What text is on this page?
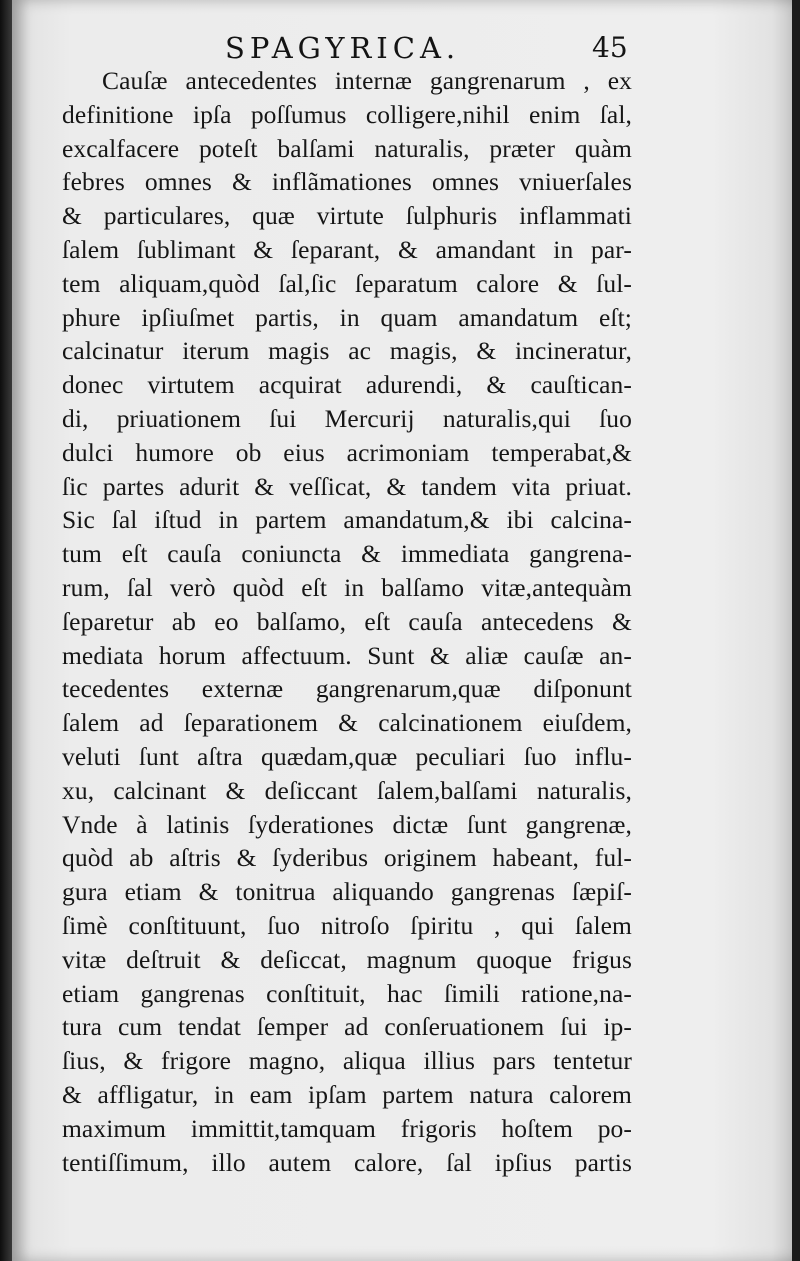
SPAGYRICA.	45
Cauſæ antecedentes internæ gangrenarum , ex
definitione ipſa poſſumus colligere,nihil enim ſal,
excalfacere poteſt balſami naturalis, præter quàm
febres omnes & inflãmationes omnes vniuerſales
& particulares, quæ virtute ſulphuris inflammati
ſalem ſublimant & ſeparant, & amandant in par-
tem aliquam,quòd ſal,ſic ſeparatum calore & ſul-
phure ipſiuſmet partis, in quam amandatum eſt;
calcinatur iterum magis ac magis, & incineratur,
donec virtutem acquirat adurendi, & cauſtican-
di, priuationem ſui Mercurij naturalis,qui ſuo
dulci humore ob eius acrimoniam temperabat,&
ſic partes adurit & veſſicat, & tandem vita priuat.
Sic ſal iſtud in partem amandatum,& ibi calcina-
tum eſt cauſa coniuncta & immediata gangrena-
rum, ſal verò quòd eſt in balſamo vitæ,antequàm
ſeparetur ab eo balſamo, eſt cauſa antecedens &
mediata horum affectuum. Sunt & aliæ cauſæ an-
tecedentes externæ gangrenarum,quæ diſponunt
ſalem ad ſeparationem & calcinationem eiuſdem,
veluti ſunt aſtra quædam,quæ peculiari ſuo influ-
xu, calcinant & deſiccant ſalem,balſami naturalis,
Vnde à latinis ſyderationes dictæ ſunt gangrenæ,
quòd ab aſtris & ſyderibus originem habeant, ful-
gura etiam & tonitrua aliquando gangrenas ſæpiſ-
ſimè conſtituunt, ſuo nitroſo ſpiritu , qui ſalem
vitæ deſtruit & deſiccat, magnum quoque frigus
etiam gangrenas conſtituit, hac ſimili ratione,na-
tura cum tendat ſemper ad conſeruationem ſui ip-
ſius, & frigore magno, aliqua illius pars tentetur
& affligatur, in eam ipſam partem natura calorem
maximum immittit,tamquam frigoris hoſtem po-
tentiſſimum, illo autem calore, ſal ipſius partis
